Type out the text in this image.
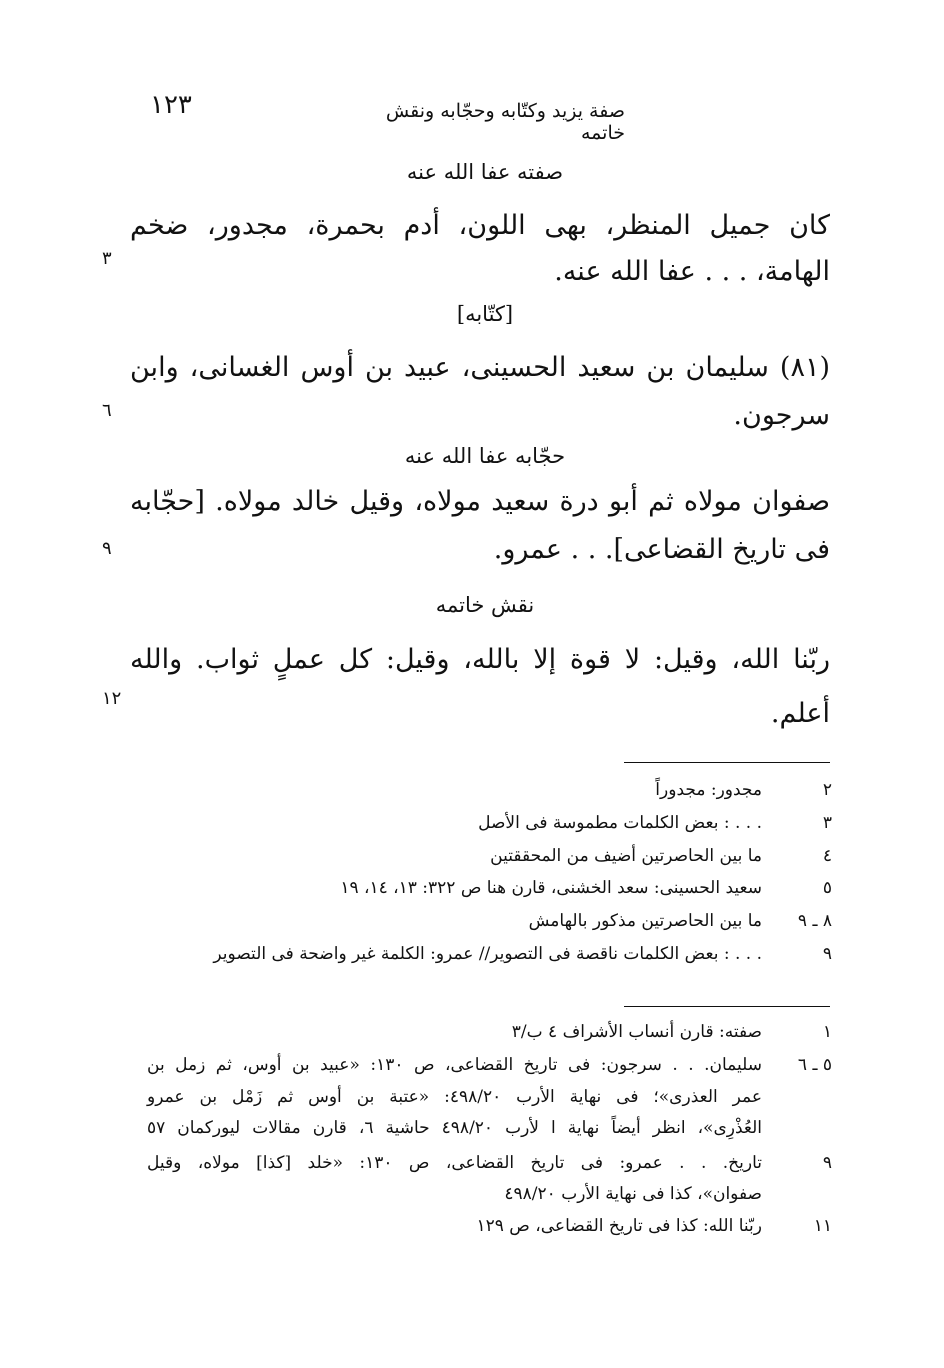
١٢٣	صفة يزيد وكتّابه وحجّابه ونقش خاتمه
صفته عفا الله عنه
كان جميل المنظر، بهى اللون، أدم بحمرة، مجدور، ضخم
الهامة، . . . عفا الله عنه.
٣
[كتّابه]
(٨١) سليمان بن سعيد الحسينى، عبيد بن أوس الغسانى، وابن
سرجون.
٦
حجّابه عفا الله عنه
صفوان مولاه ثم أبو درة سعيد مولاه، وقيل خالد مولاه. [حجّابه
فى تاريخ القضاعى]. . . عمرو.
٩
نقش خاتمه
ربّنا الله، وقيل: لا قوة إلا بالله، وقيل: كل عملٍ ثواب. والله
أعلم.
١٢
٢
مجدور: مجدوراً
٣
. . . : بعض الكلمات مطموسة فى الأصل
٤
ما بين الحاصرتين أضيف من المحققتين
٥
سعيد الحسينى: سعد الخشنى، قارن هنا ص ٣٢٢: ١٣، ١٤، ١٩
٨ ـ ٩
ما بين الحاصرتين مذكور بالهامش
٩
. . . : بعض الكلمات ناقصة فى التصوير// عمرو: الكلمة غير واضحة فى التصوير
١
صفته: قارن أنساب الأشراف ٤ ب/٣
٥ ـ ٦
سليمان. . . سرجون: فى تاريخ القضاعى، ص ١٣٠: «عبيد بن أوس، ثم زمل بن
عمر العذرى»؛ فى نهاية الأرب ٤٩٨/٢٠: «عتبة بن أوس ثم زَمْل بن عمرو
العُذْرِى»، انظر أيضاً نهاية ا لأرب ٤٩٨/٢٠ حاشية ٦، قارن مقالات ليوركمان ٥٧
٩
تاريخ. . . عمرو: فى تاريخ القضاعى، ص ١٣٠: «خلد [كذا] مولاه، وقيل
صفوان»، كذا فى نهاية الأرب ٤٩٨/٢٠
١١
ربّنا الله: كذا فى تاريخ القضاعى، ص ١٢٩
